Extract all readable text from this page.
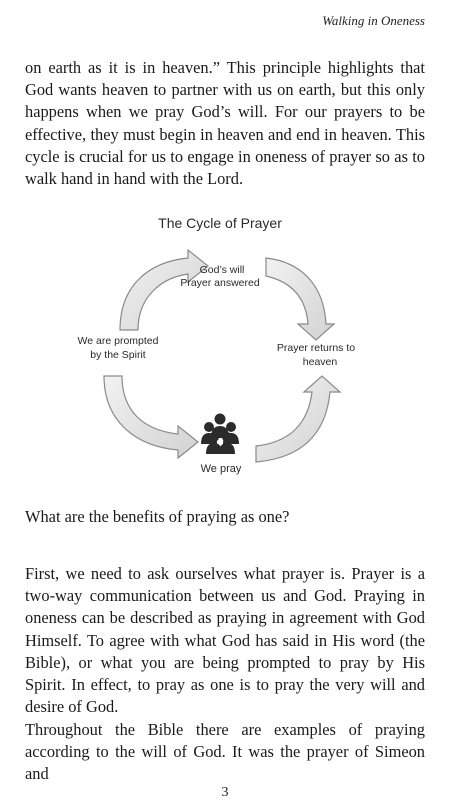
Walking in Oneness

on earth as it is in heaven.” This principle highlights that God wants heaven to partner with us on earth, but this only happens when we pray God’s will. For our prayers to be effective, they must begin in heaven and end in heaven. This cycle is crucial for us to engage in oneness of prayer so as to walk hand in hand with the Lord.

The Cycle of Prayer
God’s will
Prayer answered
We are prompted
by the Spirit
Prayer returns to
heaven
We pray

What are the benefits of praying as one?

First, we need to ask ourselves what prayer is. Prayer is a two-way communication between us and God. Praying in oneness can be described as praying in agreement with God Himself. To agree with what God has said in His word (the Bible), or what you are being prompted to pray by His Spirit. In effect, to pray as one is to pray the very will and desire of God.

Throughout the Bible there are examples of praying according to the will of God. It was the prayer of Simeon and

3
